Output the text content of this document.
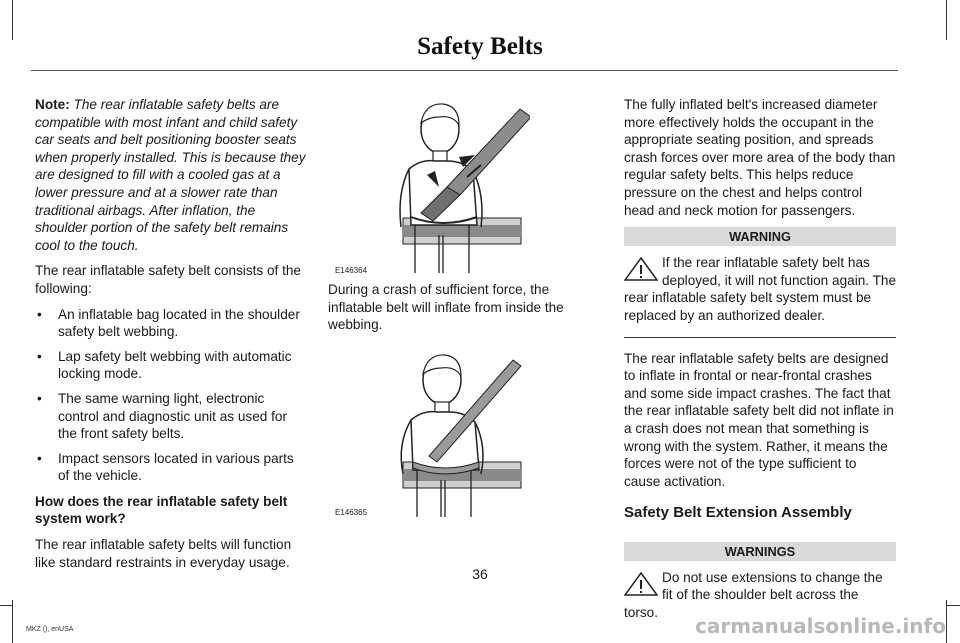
Safety Belts

Note: The rear inflatable safety belts are compatible with most infant and child safety car seats and belt positioning booster seats when properly installed. This is because they are designed to fill with a cooled gas at a lower pressure and at a slower rate than traditional airbags. After inflation, the shoulder portion of the safety belt remains cool to the touch.

The rear inflatable safety belt consists of the following:

• An inflatable bag located in the shoulder safety belt webbing.
• Lap safety belt webbing with automatic locking mode.
• The same warning light, electronic control and diagnostic unit as used for the front safety belts.
• Impact sensors located in various parts of the vehicle.

How does the rear inflatable safety belt system work?

The rear inflatable safety belts will function like standard restraints in everyday usage.

E146364
During a crash of sufficient force, the inflatable belt will inflate from inside the webbing.
E146365

The fully inflated belt's increased diameter more effectively holds the occupant in the appropriate seating position, and spreads crash forces over more area of the body than regular safety belts. This helps reduce pressure on the chest and helps control head and neck motion for passengers.

WARNING
If the rear inflatable safety belt has deployed, it will not function again. The rear inflatable safety belt system must be replaced by an authorized dealer.

The rear inflatable safety belts are designed to inflate in frontal or near-frontal crashes and some side impact crashes. The fact that the rear inflatable safety belt did not inflate in a crash does not mean that something is wrong with the system. Rather, it means the forces were not of the type sufficient to cause activation.

Safety Belt Extension Assembly
WARNINGS
Do not use extensions to change the fit of the shoulder belt across the torso.
36
MKZ (), enUSA	carmanualsonline.info
